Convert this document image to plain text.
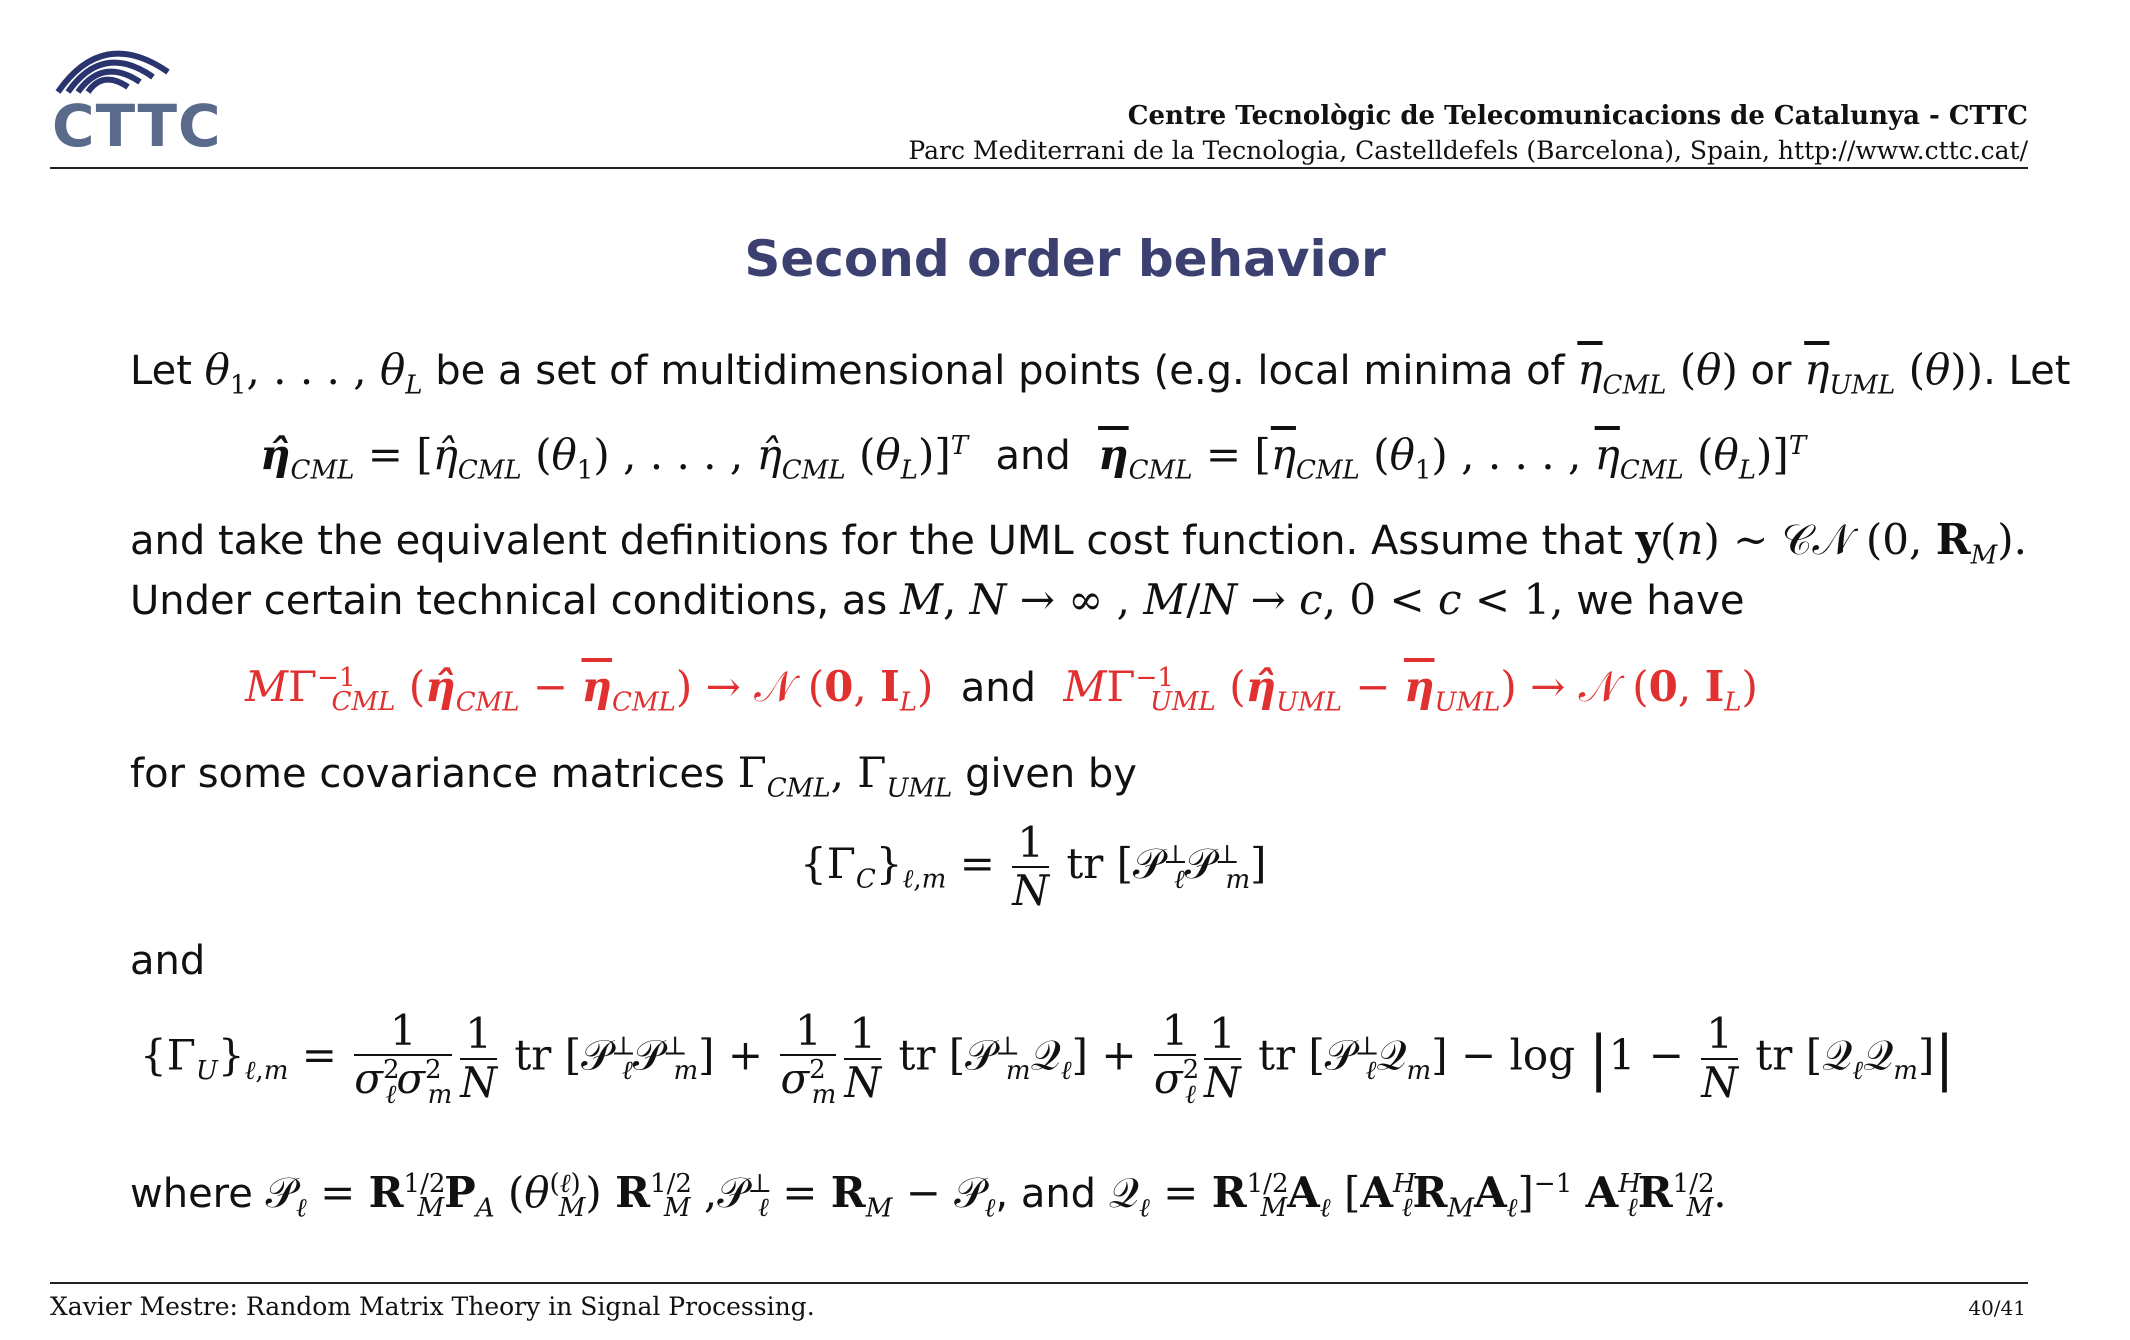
CTTC	Centre Tecnològic de Telecomunicacions de Catalunya - CTTC
Parc Mediterrani de la Tecnologia, Castelldefels (Barcelona), Spain, http://www.cttc.cat/
Second order behavior
Let $\theta_1$, . . . , $\theta_L$ be a set of multidimensional points (e.g. local minima of $\overline{\eta}_{CML}$ (θ) or $\overline{\eta}_{UML}$ (θ)). Let
$\etâ_{CML}$ = [$\etâ_{CML}$ $(\theta_1)$ , . . . , $\etâ_{CML}$ $(\theta_L)]^T$ and $\overline{\eta}_{CML} = [\overline{\eta}_{CML}$ $(\theta_1)$ , . . . , $\overline{\eta}_{CML}$ $(\theta_L)]^T$
and take the equivalent definitions for the UML cost function. Assume that y(n) ∼ 𝒞𝒩 (0, $R_M$).
Under certain technical conditions, as M, N → ∞ , M/N → c, 0 < c < 1, we have
$M\Gamma^{-1}_{CML}$ $(\etâ_{CML} - \overline{\eta}_{CML})$ → 𝒩 (0, $I_L$) and $M\Gamma^{-1}_{UML}$ $(\etâ_{UML} - \overline{\eta}_{UML})$ → 𝒩 (0, $I_L$)
for some covariance matrices $\Gamma_{CML}$, $\Gamma_{UML}$ given by
$\{\Gamma_C\}_{\ell,m} = \frac{1}{N}$ tr [𝒫⊥$_\ell$𝒫⊥$_m$]
and
$\{\Gamma_U\}_{\ell,m} = \frac{1}{\sigma^2_\ell\sigma^2_m} \frac{1}{N}$ tr [𝒫⊥$_\ell$𝒫⊥$_m$] + $\frac{1}{\sigma^2_m} \frac{1}{N}$ tr [𝒫⊥$_m$𝒬$_\ell$] + $\frac{1}{\sigma^2_\ell} \frac{1}{N}$ tr [𝒫⊥$_\ell$𝒬$_m$] − $\log |1 - \frac{1}{N}$ tr [𝒬$_\ell$𝒬$_m$]|
where 𝒫$_\ell$ = $R^{1/2}_MP_A$ $(\theta^{(\ell)}_M)$ $R^{1/2}_M$ ,𝒫⊥$_\ell$ = $R_M$ − 𝒫$_\ell$, and 𝒬$_\ell$ = $R^{1/2}_MA_\ell$ $[A^H_\ell R_MA_\ell]^{-1}$ $A^H_\ell R^{1/2}_M$.
Xavier Mestre: Random Matrix Theory in Signal Processing.	40/41
